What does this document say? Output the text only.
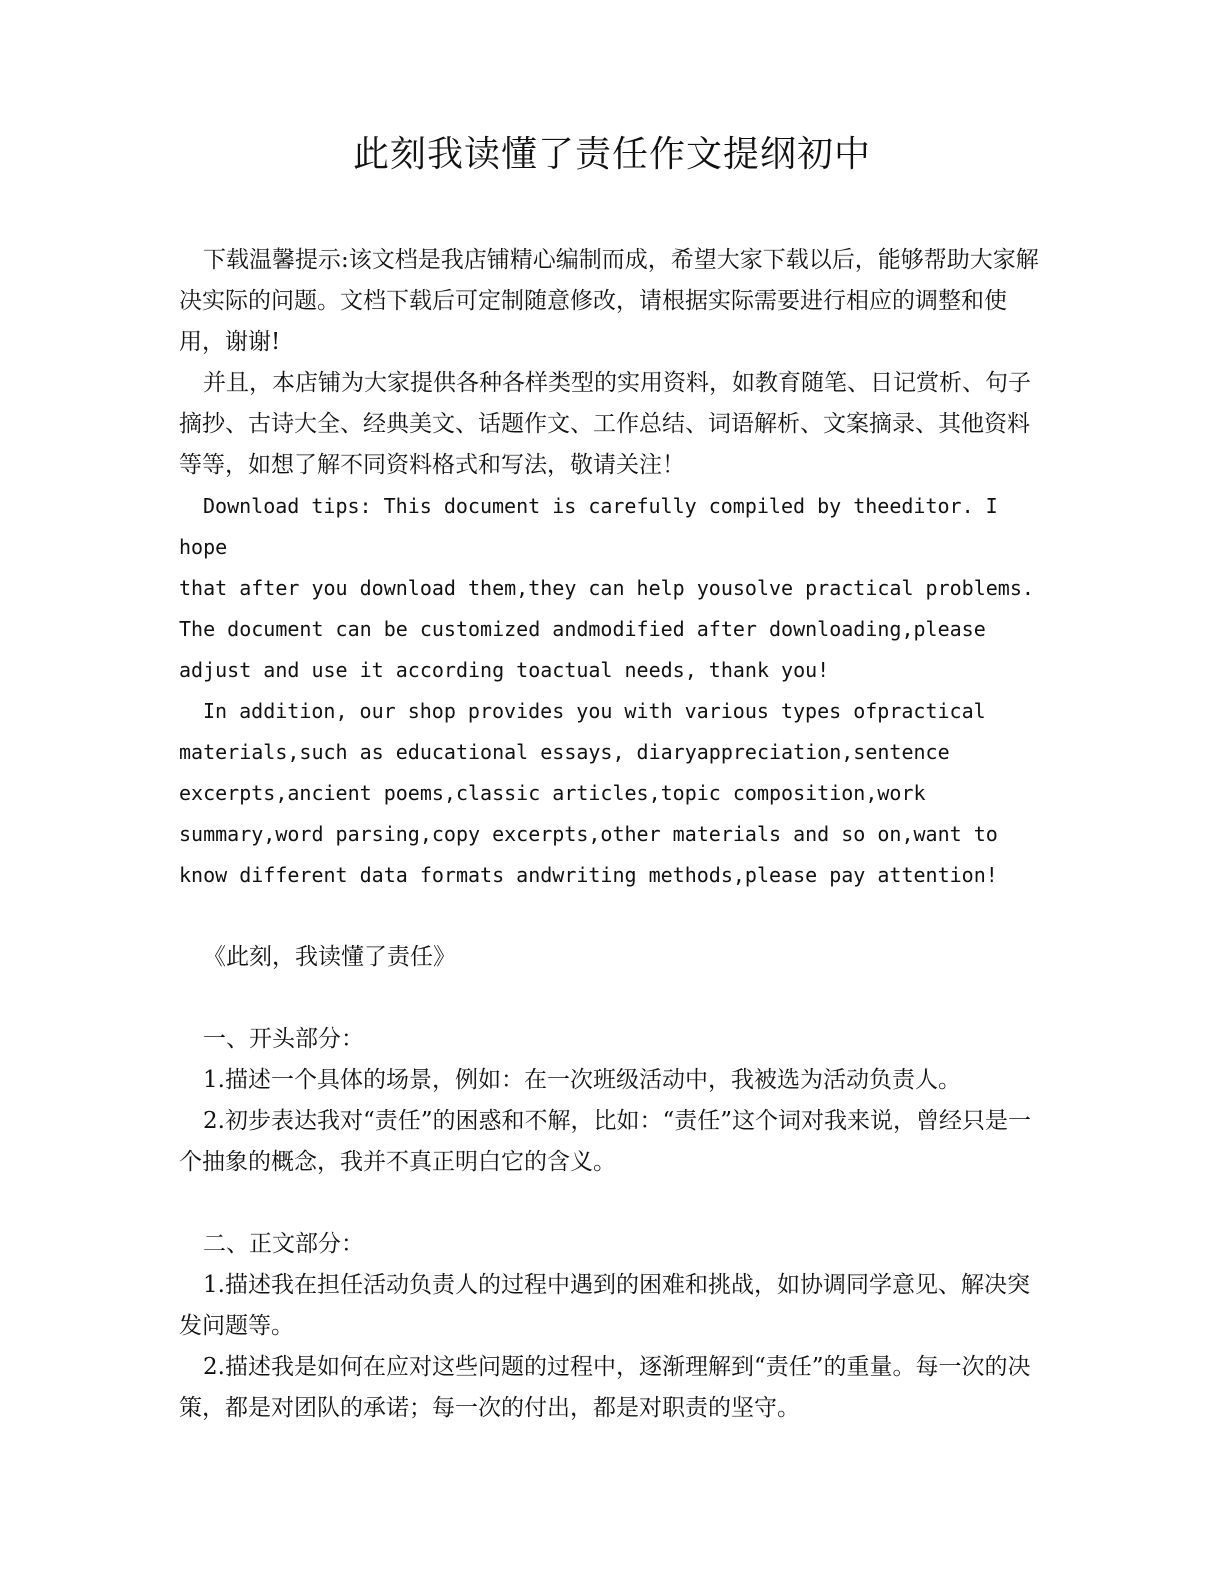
此刻我读懂了责任作文提纲初中

下载温馨提示:该文档是我店铺精心编制而成，希望大家下载以后，能够帮助大家解决实际的问题。文档下载后可定制随意修改，请根据实际需要进行相应的调整和使用，谢谢!

并且，本店铺为大家提供各种各样类型的实用资料，如教育随笔、日记赏析、句子摘抄、古诗大全、经典美文、话题作文、工作总结、词语解析、文案摘录、其他资料等等，如想了解不同资料格式和写法，敬请关注！

Download tips: This document is carefully compiled by theeditor. I hope

that after you download them,they can help yousolve practical problems.

The document can be customized andmodified after downloading,please

adjust and use it according toactual needs, thank you!

In addition, our shop provides you with various types ofpractical

materials,such as educational essays, diaryappreciation,sentence

excerpts,ancient poems,classic articles,topic composition,work

summary,word parsing,copy excerpts,other materials and so on,want to

know different data formats andwriting methods,please pay attention!

《此刻，我读懂了责任》

一、开头部分：

1.描述一个具体的场景，例如：在一次班级活动中，我被选为活动负责人。

2.初步表达我对“责任”的困惑和不解，比如：“责任”这个词对我来说，曾经只是一个抽象的概念，我并不真正明白它的含义。

二、正文部分：

1.描述我在担任活动负责人的过程中遇到的困难和挑战，如协调同学意见、解决突发问题等。

2.描述我是如何在应对这些问题的过程中，逐渐理解到“责任”的重量。每一次的决策，都是对团队的承诺；每一次的付出，都是对职责的坚守。
